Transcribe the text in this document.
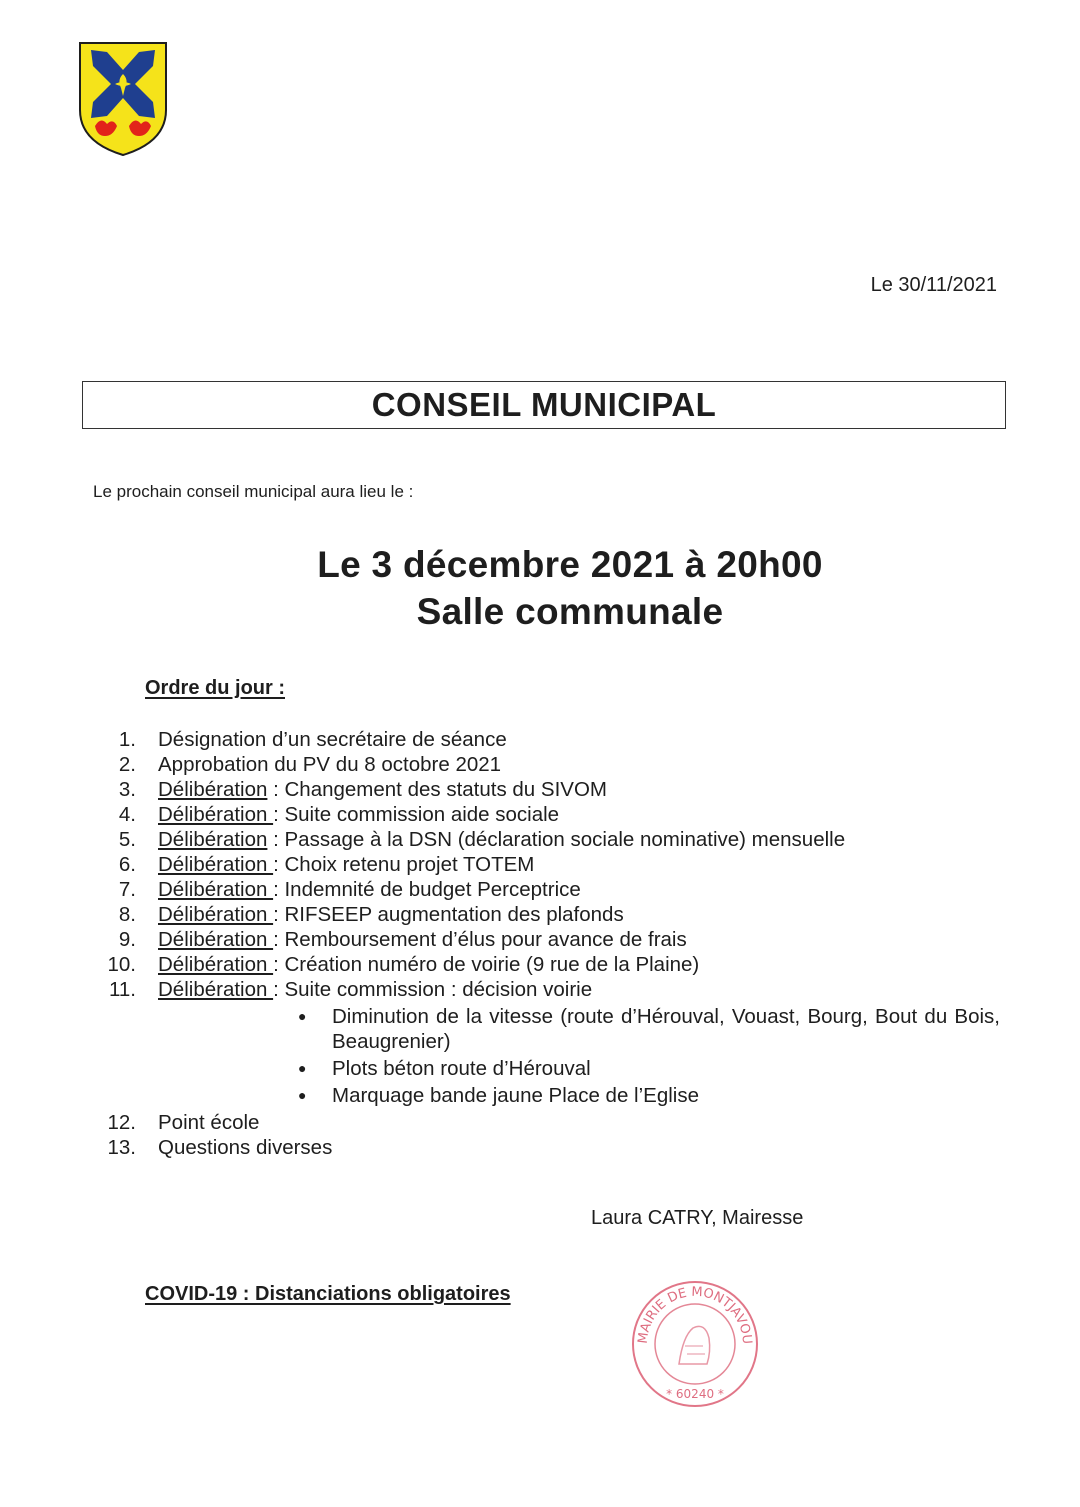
Le 30/11/2021
CONSEIL MUNICIPAL
Le prochain conseil municipal aura lieu le :
Le 3 décembre 2021 à 20h00
Salle communale
Ordre du jour :
1. Désignation d’un secrétaire de séance
2. Approbation du PV du 8 octobre 2021
3. Délibération : Changement des statuts du SIVOM
4. Délibération : Suite commission aide sociale
5. Délibération : Passage à la DSN (déclaration sociale nominative) mensuelle
6. Délibération : Choix retenu projet TOTEM
7. Délibération : Indemnité de budget Perceptrice
8. Délibération : RIFSEEP augmentation des plafonds
9. Délibération : Remboursement d’élus pour avance de frais
10. Délibération : Création numéro de voirie (9 rue de la Plaine)
11. Délibération : Suite commission : décision voirie
● Diminution de la vitesse (route d’Hérouval, Vouast, Bourg, Bout du Bois, Beaugrenier)
● Plots béton route d’Hérouval
● Marquage bande jaune Place de l’Eglise
12. Point école
13. Questions diverses
Laura CATRY, Mairesse
COVID-19 : Distanciations obligatoires
MAIRIE DE MONTJAVOU
* 60240 *
